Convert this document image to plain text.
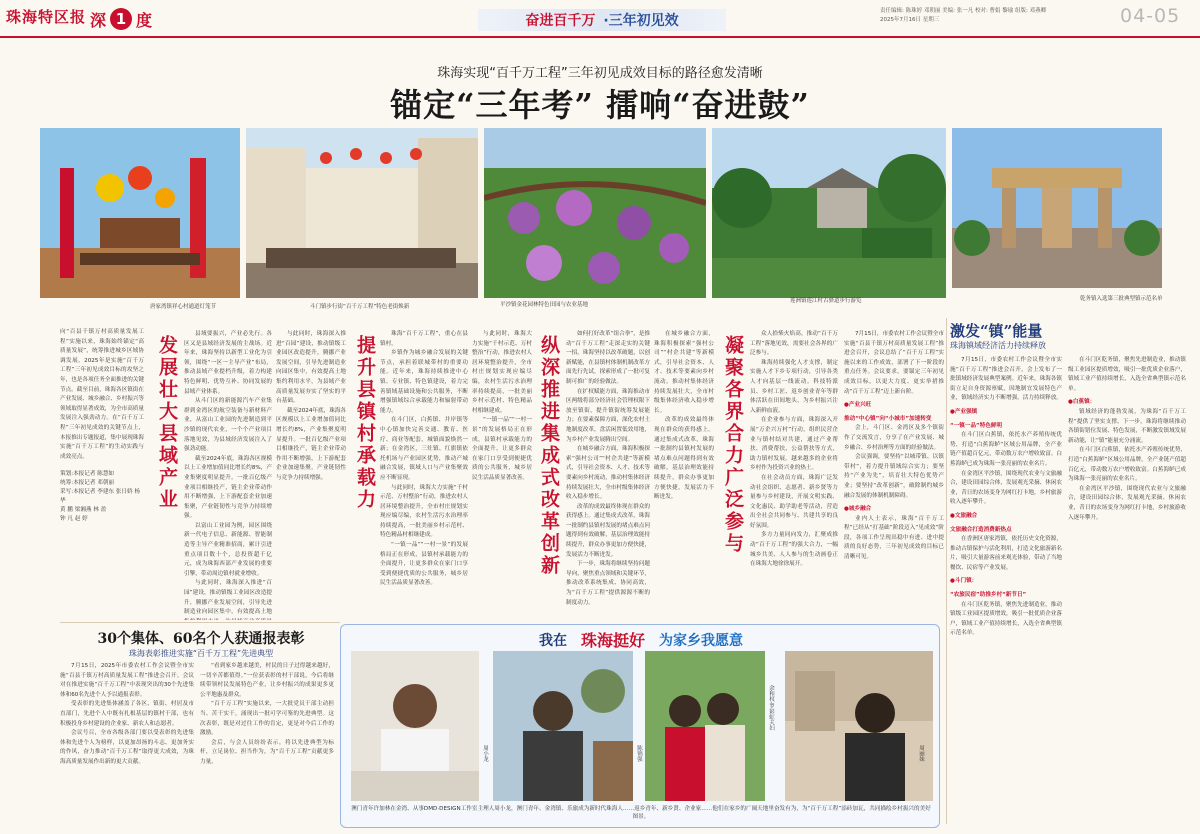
珠海特区报 深 1 度	奋进百千万 ·三年初见效
责任编辑: 陈珠婷 邓朝丽 美编: 张一凡 校对: 曹娟 黎瑜 组版: 邓燕卿
2025年7月16日 星期三	04-05
珠海实现“百千万工程”三年初见成效目标的路径愈发清晰
锚定“三年考” 擂响“奋进鼓”
唐家湾镇祥心村通道灯笼节	斗门镇步行街“百千万工程”特色老街焕新	平沙镇金花园林特色田园与农业基地
莲洲镇莲江村古驿道步行游览	乾务镇入选第三批典型镇示范名单
向“百县千镇万村高质量发展工程”实施以来，珠海始终锚定“高质量发展”，统筹推进城乡区域协调发展。2025年是实施“百千万工程”三年初见成效目标的攻坚之年，也是各项任务全面推进的关键节点。截至目前，珠海各区镇街在产业发展、城乡融合、乡村振兴等领域取得显著成效，为全市高质量发展注入强劲动力。在“百千万工程”三年初见成效的关键节点上，本报推出专题报道，集中展现珠海实施“百千万工程”的生动实践与成效亮点。
策划:本报记者 陈慧如
统筹:本报记者 邓朝丽
采写:本报记者 李建东 张日娇 杨 华
黄 鹏 梁湘燕 林 盈
钟 凡 赵 婷
发展壮大县域产业

县域要振兴，产业必先行。各区又是县域经济发展的主战场。近年来，珠海坚持以新型工业化为引领，围绕“一区一主导产业”布局，推动县域产业提档升级，着力构建特色鲜明、优势互补、协同发展的县域产业体系。

从斗门区的新能源汽车产业集群到金湾区的航空装备与新材料产业，从富山工业园的先进制造到平沙镇的现代农业，一个个产业项目落地见效，为县域经济发展注入了强劲动能。

截至2024年底，珠海各区规模以上工业增加值同比增长约8%，产业集聚度明显提升。一批百亿级产业项目相继投产，链主企业带动作用不断增强，上下游配套企业加速集聚，产业链韧性与竞争力持续增强。

以富山工业园为例，园区围绕新一代电子信息、新能源、智能制造等主导产业精准招商，累计引进重点项目数十个，总投资超千亿元，成为珠海西部产业发展的重要引擎，带动周边镇村就业增收。

与此同时，珠海深入推进“百园”建设，推动镇级工业园区改造提升，腾挪产业发展空间，引导先进制造业向园区集中，有效提高土地

与此同时，珠海深入推进“百园”建设，推动镇级工业园区改造提升，腾挪产业发展空间，引导先进制造业向园区集中，有效提高土地集约利用水平，为县域产业高质量发展夯实了坚实的平台基础。

截至2024年底，珠海各区规模以上工业增加值同比增长约8%，产业集聚度明显提升。一批百亿级产业项目相继投产，链主企业带动作用不断增强，上下游配套企业加速集聚，产业链韧性与竞争力持续增强。	提升县镇村承载力

珠海“百千万工程”，重心在县镇村。

乡镇作为城乡融合发展的关键节点，承担着联城带村的重要功能。近年来，珠海持续推进中心镇、专业镇、特色镇建设，着力完善镇域基础设施和公共服务，不断增强镇域综合承载能力和辐射带动能力。

在斗门区，白蕉镇、井岸镇等中心镇加快完善交通、教育、医疗、商业等配套，城镇面貌焕然一新；在金湾区，三灶镇、红旗镇依托机场与产业园区优势，推动产城融合发展，镇域人口与产业集聚效应不断显现。

与此同时，珠海大力实施“千村示范、万村整治”行动，推进农村人居环境整治提升，全市村庄规划实现应编尽编，农村生活污水治理率持续提高，一批美丽乡村示范村、特色精品村相继建成。

“一镇一品”“一村一景”的发展格局正在形成，县镇村承载能力的全面提升，让更多群众在家门口享受到便捷优质的公共服务，城乡居民生活品质显著改善。

与此同时，珠海大力实施“千村示范、万村整治”行动，推进农村人居环境整治提升，全市村庄规划实现应编尽编，农村生活污水治理率持续提高，一批美丽乡村示范村、特色精品村相继建成。

“一镇一品”“一村一景”的发展格局正在形成，县镇村承载能力的全面提升，让更多群众在家门口享受到便捷优质的公共服务，城乡居民生活品质显著改善。 纵深推进集成式改革创新

如何打好改革“组合拳”，是推动“百千万工程”走深走实的关键一招。珠海坚持以改革破题，以创新赋能，在县镇村体制机制改革方面先行先试，探索形成了一批可复制可推广的经验做法。

在扩权赋能方面，珠海推动市区两级将部分经济社会管理权限下放至镇街，提升镇街统筹发展能力；在要素保障方面，深化农村土地制度改革，盘活闲置低效用地，为乡村产业发展腾出空间。

在城乡融合方面，珠海积极探索“强村公司”“村企共建”等新模式，引导社会资本、人才、技术等要素向乡村流动，推动村集体经济持续发展壮大，全市村级集体经济收入稳步增长。

改革的成效最终体现在群众的获得感上。通过集成式改革，珠海一批制约县镇村发展的堵点难点问题得到有效破解，基层治理效能持续提升，群众办事更加方便快捷，发展活力不断迸发。

下一步，珠海将继续坚持问题导向，聚焦重点领域和关键环节，推动改革系统集成、协同高效，为“百千万工程”提供源源不断的制度动力。

在城乡融合方面，珠海积极探索“强村公司”“村企共建”等新模式，引导社会资本、人才、技术等要素向乡村流动，推动村集体经济持续发展壮大，全市村级集体经济收入稳步增长。

改革的成效最终体现在群众的获得感上。通过集成式改革，珠海一批制约县镇村发展的堵点难点问题得到有效破解，基层治理效能持续提升，群众办事更加方便快捷，发展活力不断迸发。	凝聚各界合力广泛参与

众人拾柴火焰高。推动“百千万工程”落地见效，需要社会各界的广泛参与。

珠海持续强化人才支撑，制定实施人才下乡专项行动，引导各类人才向基层一线流动。科技特派员、乡村工匠、返乡创业青年等群体活跃在田间地头，为乡村振兴注入新鲜血液。

在企业参与方面，珠海深入开展“万企兴万村”行动，组织民营企业与镇村结对共建，通过产业帮扶、消费帮扶、公益帮扶等方式，助力镇村发展。越来越多的企业将乡村作为投资兴业的热土。

在社会动员方面，珠海广泛发动社会组织、志愿者、新乡贤等力量参与乡村建设，开展文明实践、文化惠民、助学助老等活动，营造出全社会共同参与、共建共享的良好氛围。

多方力量同向发力，汇聚成推动“百千万工程”的强大合力，一幅城乡共美、人人参与的生动画卷正在珠海大地徐徐展开。

7月15日，市委农村工作会议暨全市实施“百县千镇万村高质量发展工程”推进会召开，会议总结了“百千万工程”实施以来的工作成效，部署了下一阶段的重点任务。会议要求，要锚定三年初见成效目标，以更大力度、更实举措推动“百千万工程”迈上新台阶。

●产业兴旺
推动“中心镇”向“小城市”加速转变

会上，斗门区、金湾区及多个镇街作了交流发言，分享了在产业发展、城乡融合、乡村治理等方面的经验做法。

会议强调，要坚持“以城带镇、以镇带村”，着力提升镇域综合实力；要坚持“产业为先”，培育壮大特色优势产业；要坚持“改革创新”，破除制约城乡融合发展的体制机制障碍。

●城乡融合

业内人士表示，珠海“百千万工程”已经从“打基础”阶段迈入“见成效”阶段，各项工作呈现出稳中有进、进中提质的良好态势，三年初见成效的目标已清晰可见。

激发“镇”能量
珠海镇域经济活力持续释放

7月15日，市委农村工作会议暨全市实施“百千万工程”推进会召开，会上发布了一批镇域经济发展典型案例。近年来，珠海各镇街立足自身资源禀赋，因地制宜发展特色产业，镇域经济实力不断增强，活力持续释放。

●产业强镇
“一镇一品”特色鲜明

在斗门区白蕉镇，依托水产养殖传统优势，打造“白蕉海鲈”区域公用品牌，全产业链产值超百亿元，带动数万农户增收致富。白蕉海鲈已成为珠海一张亮丽的农业名片。

在金湾区平沙镇，围绕现代农业与文旅融合，建设田园综合体，发展观光采摘、休闲农业，昔日的农场变身为网红打卡地，乡村旅游收入逐年攀升。

●文旅融合
文旅融合打造消费新热点

在香洲区唐家湾镇，依托历史文化资源，推动古镇保护与活化利用，打造文化旅游新名片，吸引大量游客前来观光体验，带动了当地餐饮、民宿等产业发展。

●斗门镇：
“农旅民宿”助推乡村“新节日”

在斗门区乾务镇，聚焦先进制造业，推动镇级工业园区提质增效，吸引一批优质企业落户，镇域工业产值持续增长，入选全省典型镇示范名单。

在斗门区乾务镇，聚焦先进制造业，推动镇级工业园区提质增效，吸引一批优质企业落户，镇域工业产值持续增长，入选全省典型镇示范名单。

●白蕉镇：

镇域经济的蓬勃发展，为珠海“百千万工程”提供了坚实支撑。下一步，珠海将继续推动各镇街错位发展、特色发展，不断激发镇域发展新动能，让“镇”能量充分涌流。

在斗门区白蕉镇，依托水产养殖传统优势，打造“白蕉海鲈”区域公用品牌，全产业链产值超百亿元，带动数万农户增收致富。白蕉海鲈已成为珠海一张亮丽的农业名片。

在金湾区平沙镇，围绕现代农业与文旅融合，建设田园综合体，发展观光采摘、休闲农业，昔日的农场变身为网红打卡地，乡村旅游收入逐年攀升。

30个集体、60名个人获通报表彰
珠海表彰推进实施“百千万工程”先进典型

7月15日，2025年市委农村工作会议暨全市实施“百县千镇万村高质量发展工程”推进会召开。会议对在推进实施“百千万工程”中表现突出的30个先进集体和60名先进个人予以通报表彰。

受表彰的先进集体涵盖了各区、镇街、村居及市直部门，先进个人中既有扎根基层的镇村干部，也有积极投身乡村建设的企业家、新农人和志愿者。

会议号召，全市各级各部门要以受表彰的先进集体和先进个人为榜样，以更加昂扬的斗志、更加务实的作风，奋力推动“百千万工程”取得更大成效，为珠海高质量发展作出新的更大贡献。

“看到家乡越来越美，村民的日子过得越来越好，一切辛苦都值得。”一位获表彰的村干部说，今后将继续带领村民发展特色产业，让乡村振兴的成果更多更公平地惠及群众。

“百千万工程”实施以来，一大批党员干部主动担当、苦干实干，涌现出一批可学可鉴的先进典型。这次表彰，既是对过往工作的肯定，更是对今后工作的激励。

会后，与会人员纷纷表示，将以先进典型为标杆，立足岗位、担当作为，为“百千万工程”贡献更多力量。

我在 珠海挺好 为家乡我愿意
周小龙	陈锦强
余和权·罗彩虹夫妇
周丽妹
澳门青年许加林在金湾、从事DMD·DESIGN工作室主理人周小龙，澳门青年、金湾镇、乐旅成为新时代珠海人……返乡青年、新乡贤、企业家……他们在家乡的广阔天地里奋发有为，为“百千万工程”添砖加瓦，共同描绘乡村振兴的美好图景。
